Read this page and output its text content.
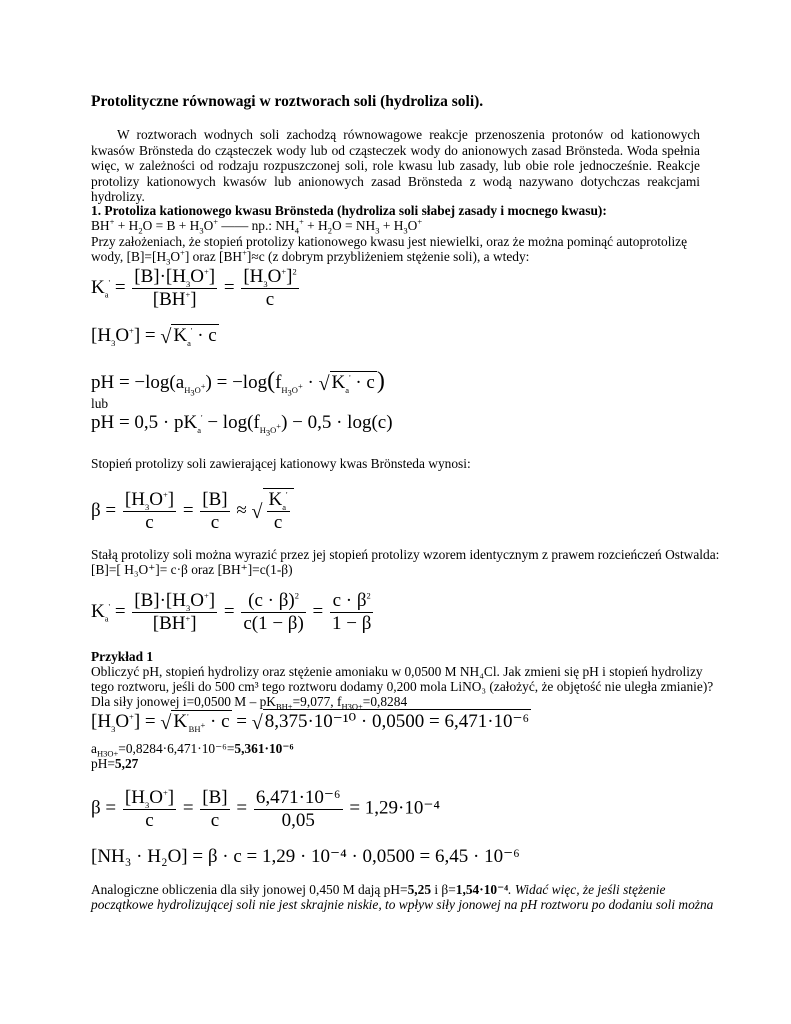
Protolityczne równowagi w roztworach soli (hydroliza soli).
W roztworach wodnych soli zachodzą równowagowe reakcje przenoszenia protonów od kationowych kwasów Brönsteda do cząsteczek wody lub od cząsteczek wody do anionowych zasad Brönsteda. Woda spełnia więc, w zależności od rodzaju rozpuszczonej soli, role kwasu lub zasady, lub obie role jednocześnie. Reakcje protolizy kationowych kwasów lub anionowych zasad Brönsteda z wodą nazywano dotychczas reakcjami hydrolizy.
1. Protoliza kationowego kwasu Brönsteda (hydroliza soli słabej zasady i mocnego kwasu):
$BH^+ + H_2O = B + H_3O^+$ —— np.: $NH_4^+ + H_2O = NH_3 + H_3O^+$
Przy założeniach, że stopień protolizy kationowego kwasu jest niewielki, oraz że można pominąć autoprotolizę
wody, $[B]=[H_3O^+]$ oraz [BH+]≈c (z dobrym przybliżeniem stężenie soli), a wtedy:
$K_a' = \frac{[B]\cdot[H_3O^+]}{[BH^+]} = \frac{[H_3O^+]^2}{c}$
$[H_3O^+]$ = √ $K_a' \cdot c$
pH = $-\log(a_{H_3O^+}) = -\log(f_{H_3O^+}$ · √ $K_a' \cdot c$)
lub
pH = $0,5 \cdot pK_a' - \log(f_{H_3O^+}) - 0,5 \cdot \log(c)$
Stopień protolizy soli zawierającej kationowy kwas Brönsteda wynosi:
$\beta = \frac{[H_3O^+]}{c} = \frac{[B]}{c}$ ≈ √ $\frac{K_a'}{c}$
Stałą protolizy soli można wyrazić przez jej stopień protolizy wzorem identycznym z prawem rozcieńczeń Ostwalda:
[B]=[ H₃O⁺]= c·β oraz [BH⁺]=c(1-β)
$K_a' = \frac{[B]\cdot[H_3O^+]}{[BH^+]} = \frac{(c \cdot \beta)^2}{c(1 - \beta)} = \frac{c \cdot \beta^2}{1 - \beta}$
Przykład 1
Obliczyć pH, stopień hydrolizy oraz stężenie amoniaku w 0,0500 M NH₄Cl. Jak zmieni się pH i stopień hydrolizy
tego roztworu, jeśli do 500 cm³ tego roztworu dodamy 0,200 mola LiNO₃ (założyć, że objętość nie uległa zmianie)?
Dla siły jonowej i=0,0500 $M - pK_{BH+}=9,077$, $f_{H3O+}=0,8284$
$[H_3O^+]$ = √ $K'_{BH^+} \cdot c$ = √ 8,375·10⁻¹⁰ · 0,0500 = 6,471·10⁻⁶
$a_{H3O+}=0,8284\cdot 6,471\cdot 10^{-6}=5,361\cdot 10^{-6}$
pH=5,27
$\beta = \frac{[H_3O^+]}{c} = \frac{[B]}{c} = \frac{\text{6,471·10⁻⁶}}{0,05} = 1,29\cdot 10^{-4}$
[NH₃ · H₂O] = β · c = 1,29 · 10⁻⁴ · 0,0500 = 6,45 · 10⁻⁶
Analogiczne obliczenia dla siły jonowej 0,450 M dają pH=5,25 i β=1,54·10⁻⁴. Widać więc, że jeśli stężenie
początkowe hydrolizującej soli nie jest skrajnie niskie, to wpływ siły jonowej na pH roztworu po dodaniu soli można
